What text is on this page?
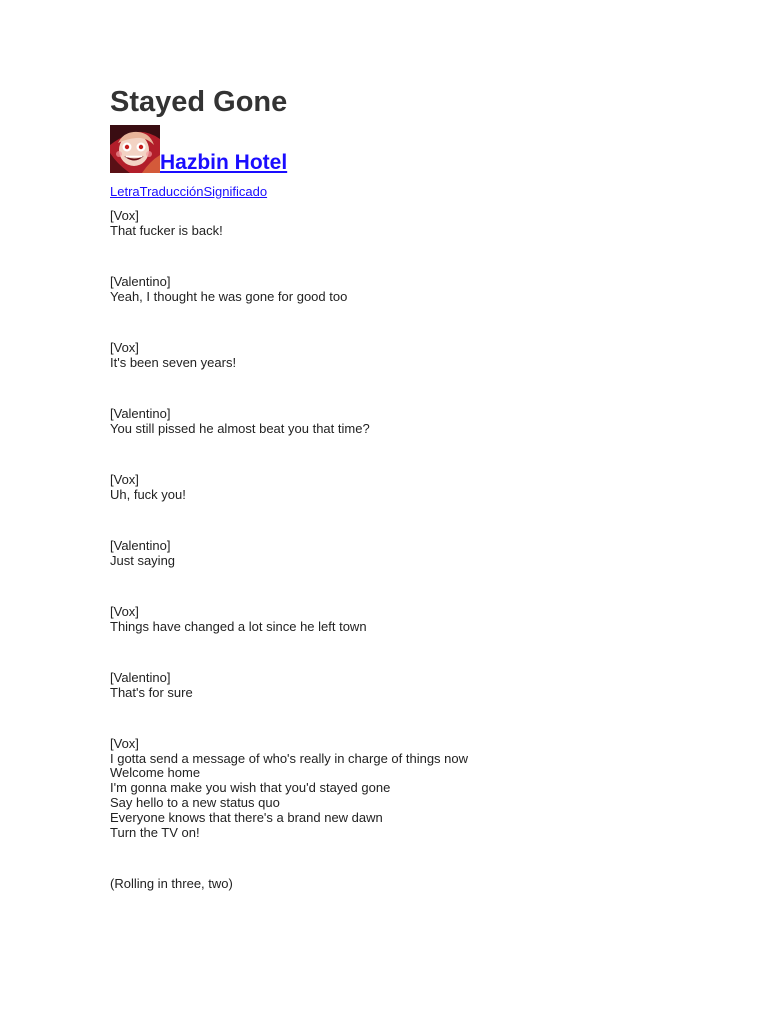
Stayed Gone
Hazbin Hotel
LetraTraducciónSignificado
[Vox]
That fucker is back!
[Valentino]
Yeah, I thought he was gone for good too
[Vox]
It's been seven years!
[Valentino]
You still pissed he almost beat you that time?
[Vox]
Uh, fuck you!
[Valentino]
Just saying
[Vox]
Things have changed a lot since he left town
[Valentino]
That's for sure
[Vox]
I gotta send a message of who's really in charge of things now
Welcome home
I'm gonna make you wish that you'd stayed gone
Say hello to a new status quo
Everyone knows that there's a brand new dawn
Turn the TV on!
(Rolling in three, two)
